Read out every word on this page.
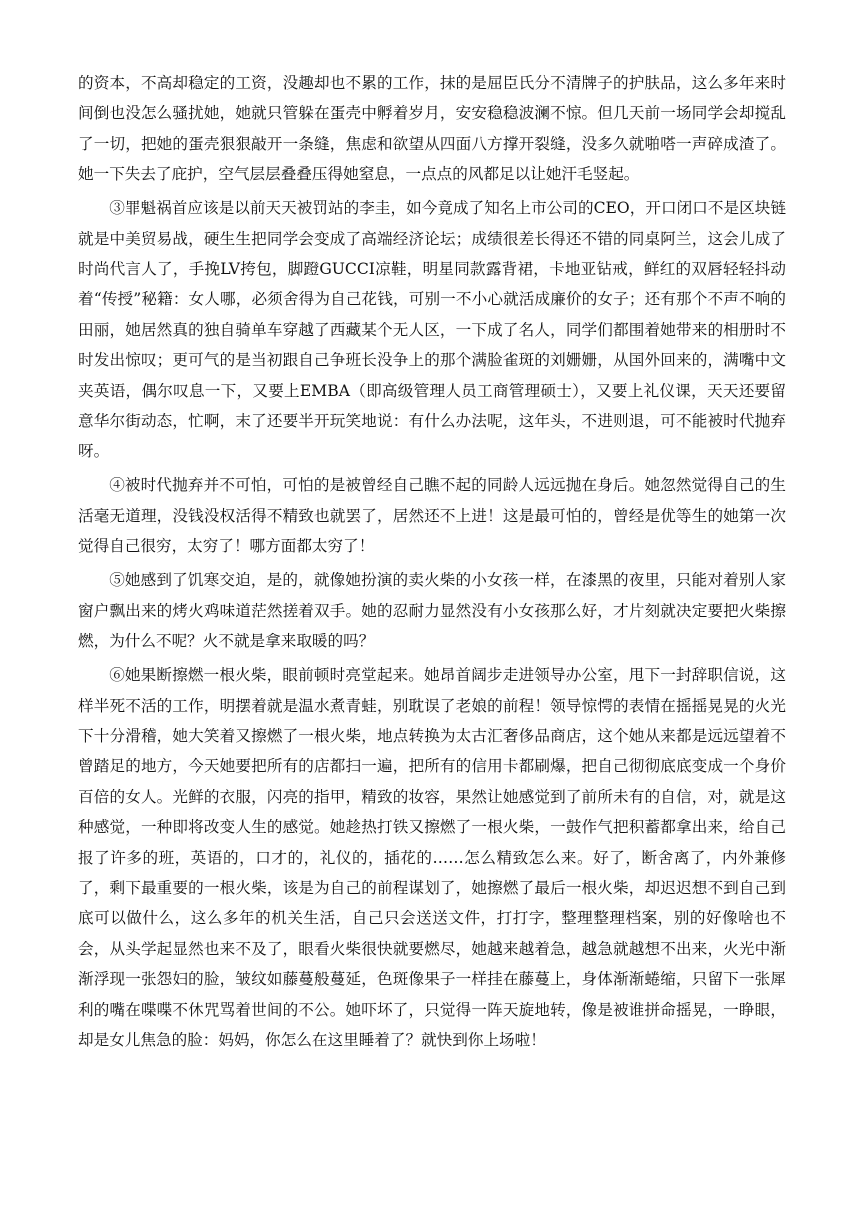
的资本，不高却稳定的工资，没趣却也不累的工作，抹的是屈臣氏分不清牌子的护肤品，这么多年来时间倒也没怎么骚扰她，她就只管躲在蛋壳中孵着岁月，安安稳稳波澜不惊。但几天前一场同学会却搅乱了一切，把她的蛋壳狠狠敲开一条缝，焦虑和欲望从四面八方撑开裂缝，没多久就啪嗒一声碎成渣了。她一下失去了庇护，空气层层叠叠压得她窒息，一点点的风都足以让她汗毛竖起。

③罪魁祸首应该是以前天天被罚站的李圭，如今竟成了知名上市公司的CEO，开口闭口不是区块链就是中美贸易战，硬生生把同学会变成了高端经济论坛；成绩很差长得还不错的同桌阿兰，这会儿成了时尚代言人了，手挽LV挎包，脚蹬GUCCI凉鞋，明星同款露背裙，卡地亚钻戒，鲜红的双唇轻轻抖动着“传授”秘籍：女人哪，必须舍得为自己花钱，可别一不小心就活成廉价的女子；还有那个不声不响的田丽，她居然真的独自骑单车穿越了西藏某个无人区，一下成了名人，同学们都围着她带来的相册时不时发出惊叹；更可气的是当初跟自己争班长没争上的那个满脸雀斑的刘姗姗，从国外回来的，满嘴中文夹英语，偶尔叹息一下，又要上EMBA（即高级管理人员工商管理硕士），又要上礼仪课，天天还要留意华尔街动态，忙啊，末了还要半开玩笑地说：有什么办法呢，这年头，不进则退，可不能被时代抛弃呀。

④被时代抛弃并不可怕，可怕的是被曾经自己瞧不起的同龄人远远抛在身后。她忽然觉得自己的生活毫无道理，没钱没权活得不精致也就罢了，居然还不上进！这是最可怕的，曾经是优等生的她第一次觉得自己很穷，太穷了！哪方面都太穷了！

⑤她感到了饥寒交迫，是的，就像她扮演的卖火柴的小女孩一样，在漆黑的夜里，只能对着别人家窗户飘出来的烤火鸡味道茫然搓着双手。她的忍耐力显然没有小女孩那么好，才片刻就决定要把火柴擦燃，为什么不呢？火不就是拿来取暖的吗？

⑥她果断擦燃一根火柴，眼前顿时亮堂起来。她昂首阔步走进领导办公室，甩下一封辞职信说，这样半死不活的工作，明摆着就是温水煮青蛙，别耽误了老娘的前程！领导惊愕的表情在摇摇晃晃的火光下十分滑稽，她大笑着又擦燃了一根火柴，地点转换为太古汇奢侈品商店，这个她从来都是远远望着不曾踏足的地方，今天她要把所有的店都扫一遍，把所有的信用卡都刷爆，把自己彻彻底底变成一个身价百倍的女人。光鲜的衣服，闪亮的指甲，精致的妆容，果然让她感觉到了前所未有的自信，对，就是这种感觉，一种即将改变人生的感觉。她趁热打铁又擦燃了一根火柴，一鼓作气把积蓄都拿出来，给自己报了许多的班，英语的，口才的，礼仪的，插花的……怎么精致怎么来。好了，断舍离了，内外兼修了，剩下最重要的一根火柴，该是为自己的前程谋划了，她擦燃了最后一根火柴，却迟迟想不到自己到底可以做什么，这么多年的机关生活，自己只会送送文件，打打字，整理整理档案，别的好像啥也不会，从头学起显然也来不及了，眼看火柴很快就要燃尽，她越来越着急，越急就越想不出来，火光中渐渐浮现一张怨妇的脸，皱纹如藤蔓般蔓延，色斑像果子一样挂在藤蔓上，身体渐渐蜷缩，只留下一张犀利的嘴在喋喋不休咒骂着世间的不公。她吓坏了，只觉得一阵天旋地转，像是被谁拼命摇晃，一睁眼，却是女儿焦急的脸：妈妈，你怎么在这里睡着了？就快到你上场啦！
